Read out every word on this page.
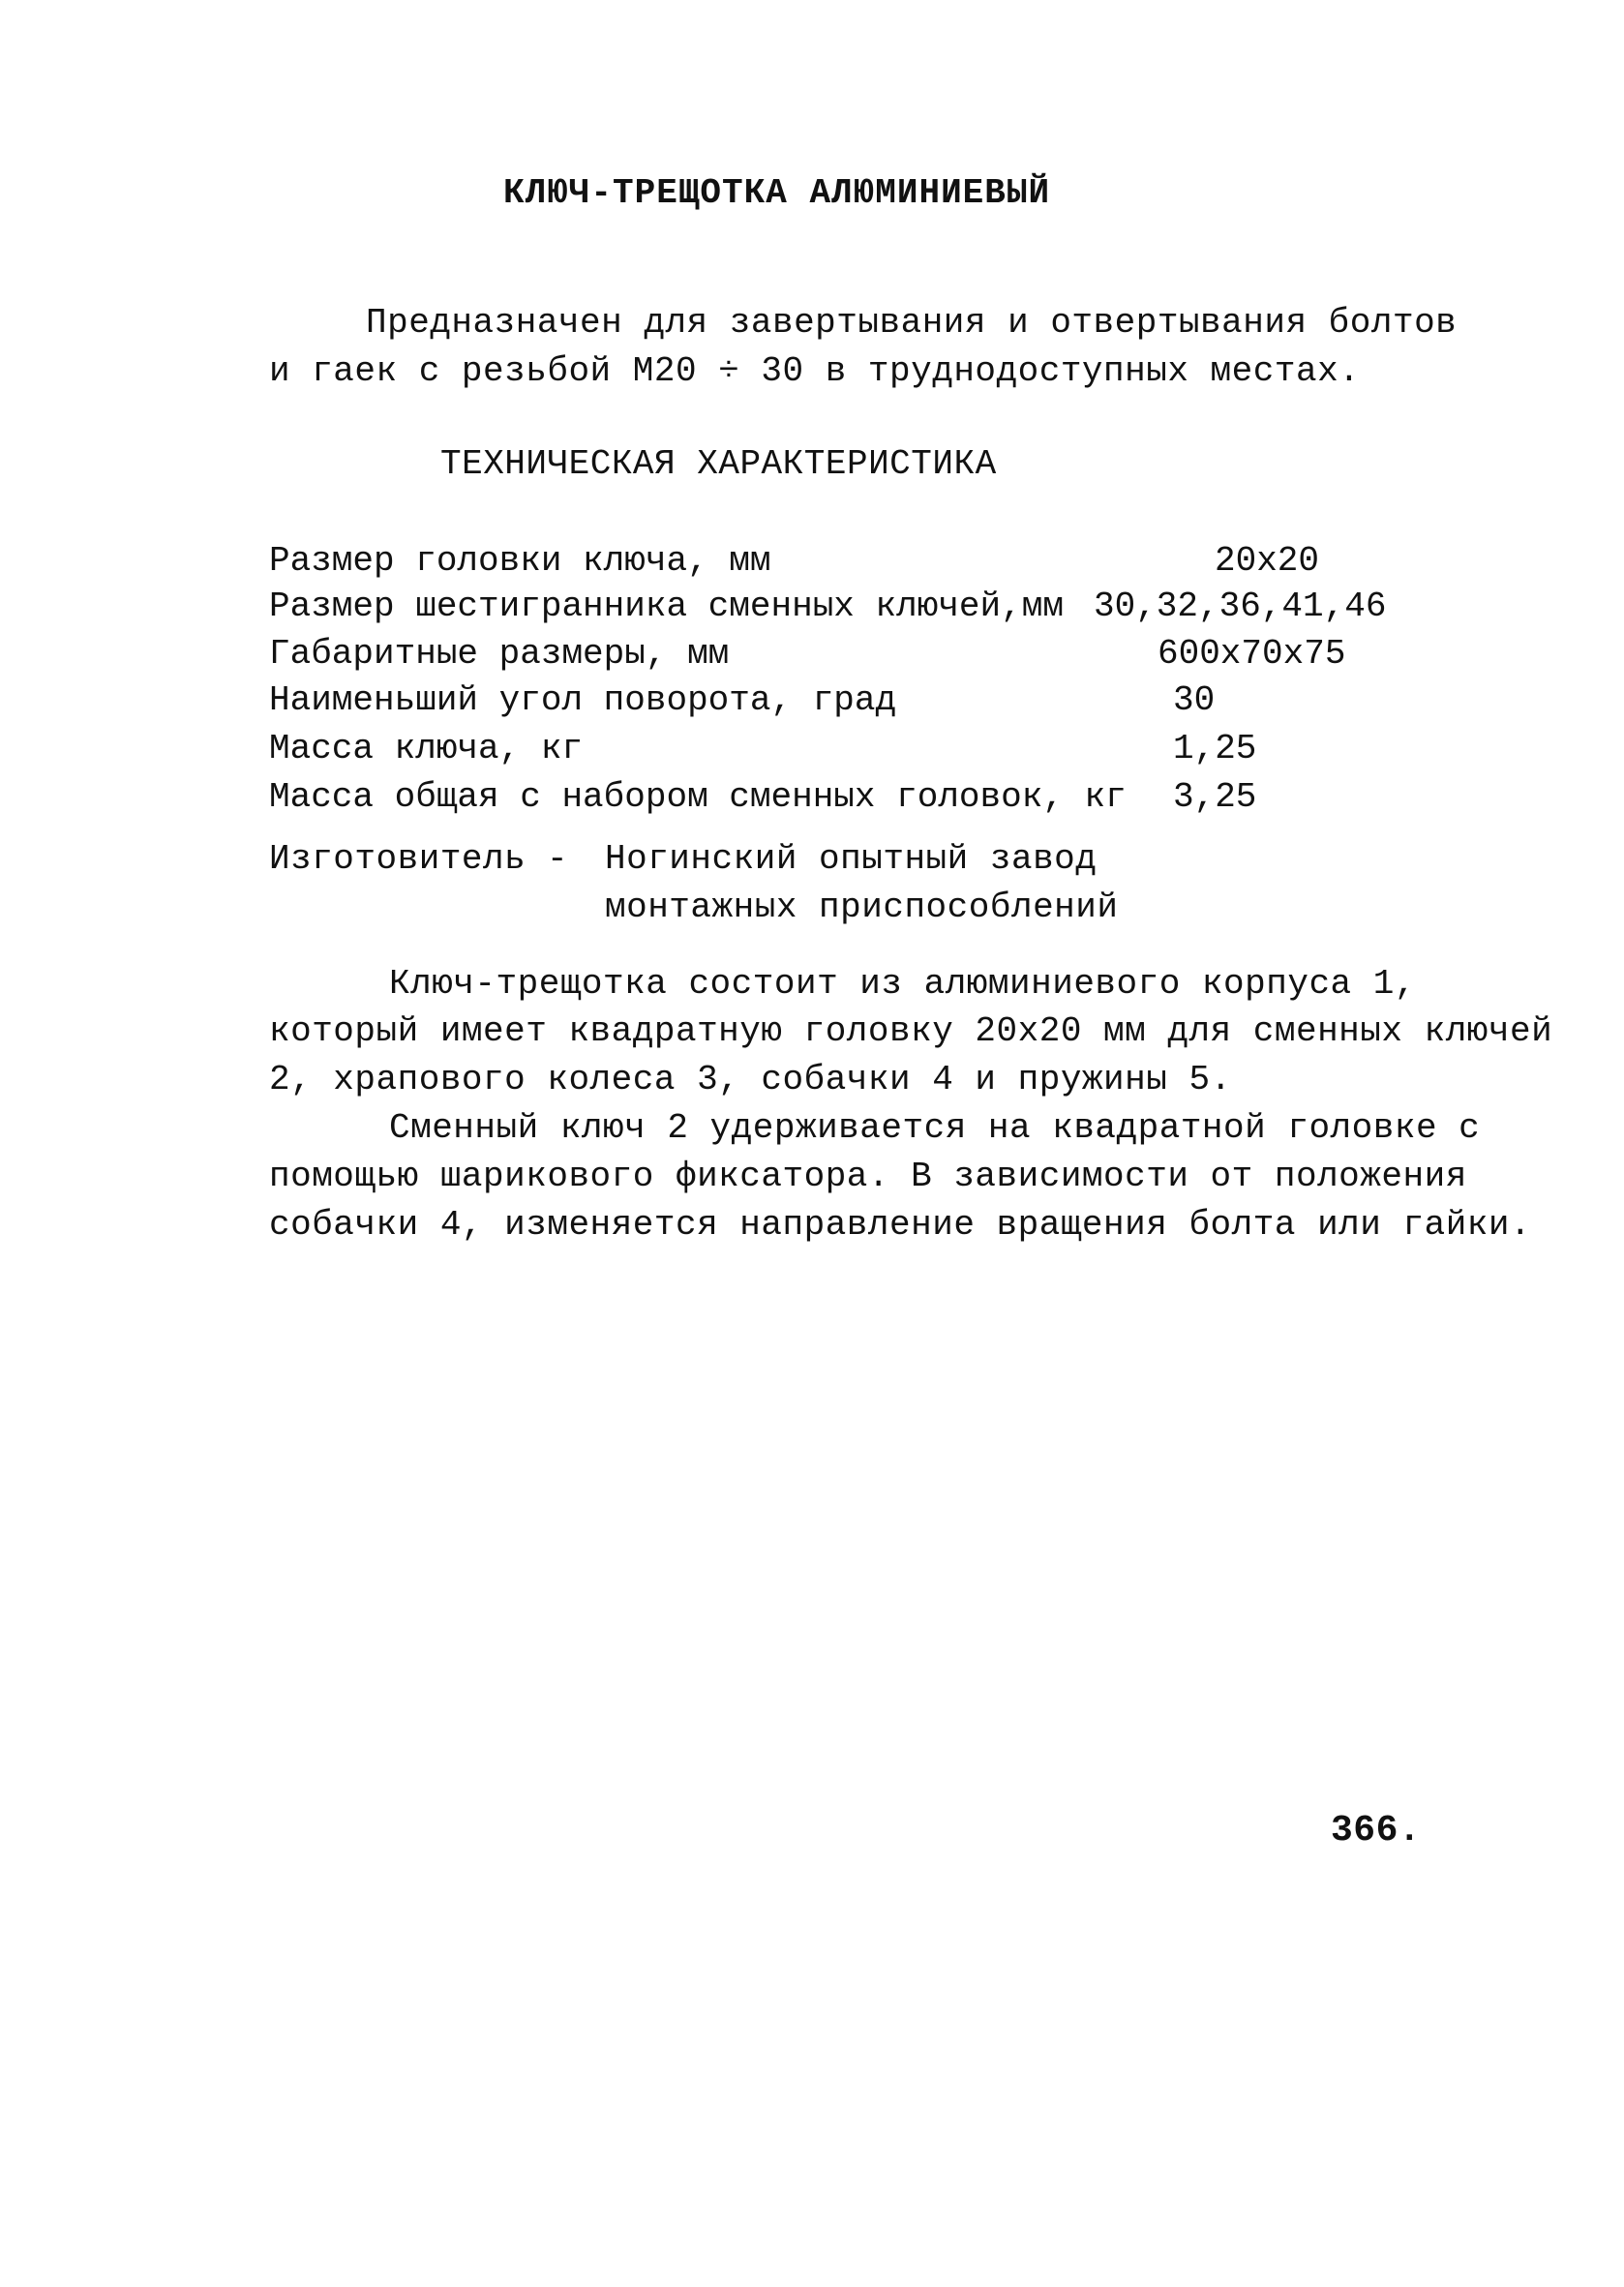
КЛЮЧ-ТРЕЩОТКА АЛЮМИНИЕВЫЙ
Предназначен для завертывания и отвертывания болтов
и гаек с резьбой М20 ÷ 30 в труднодоступных местах.
ТЕХНИЧЕСКАЯ ХАРАКТЕРИСТИКА
Размер головки ключа, мм	20х20
Размер шестигранника сменных ключей,мм 30,32,36,41,46
Габаритные размеры, мм	600х70х75
Наименьший угол поворота, град	30
Масса ключа, кг	1,25
Масса общая с набором сменных головок, кг 3,25
Изготовитель - Ногинский опытный завод
монтажных приспособлений
Ключ-трещотка состоит из алюминиевого корпуса 1,
который имеет квадратную головку 20х20 мм для сменных ключей
2, храпового колеса 3, собачки 4 и пружины 5.
Сменный ключ 2 удерживается на квадратной головке с
помощью шарикового фиксатора. В зависимости от положения
собачки 4, изменяется направление вращения болта или гайки.
366.
